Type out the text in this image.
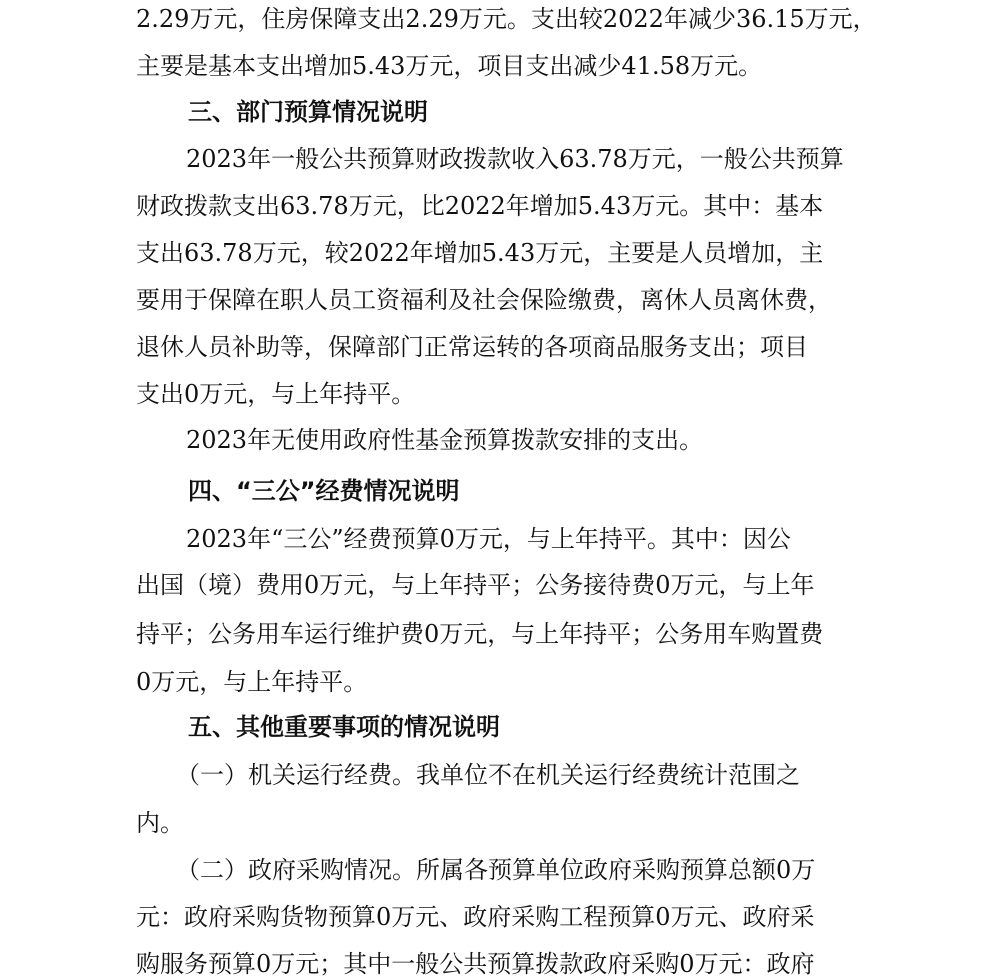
2.29万元，住房保障支出2.29万元。支出较2022年减少36.15万元，
主要是基本支出增加5.43万元，项目支出减少41.58万元。
三、部门预算情况说明
2023年一般公共预算财政拨款收入63.78万元，一般公共预算
财政拨款支出63.78万元，比2022年增加5.43万元。其中：基本
支出63.78万元，较2022年增加5.43万元，主要是人员增加，主
要用于保障在职人员工资福利及社会保险缴费，离休人员离休费，
退休人员补助等，保障部门正常运转的各项商品服务支出；项目
支出0万元，与上年持平。
2023年无使用政府性基金预算拨款安排的支出。
四、“三公”经费情况说明
2023年“三公”经费预算0万元，与上年持平。其中：因公
出国（境）费用0万元，与上年持平；公务接待费0万元，与上年
持平；公务用车运行维护费0万元，与上年持平；公务用车购置费
0万元，与上年持平。
五、其他重要事项的情况说明
（一）机关运行经费。我单位不在机关运行经费统计范围之
内。
（二）政府采购情况。所属各预算单位政府采购预算总额0万
元：政府采购货物预算0万元、政府采购工程预算0万元、政府采
购服务预算0万元；其中一般公共预算拨款政府采购0万元：政府
